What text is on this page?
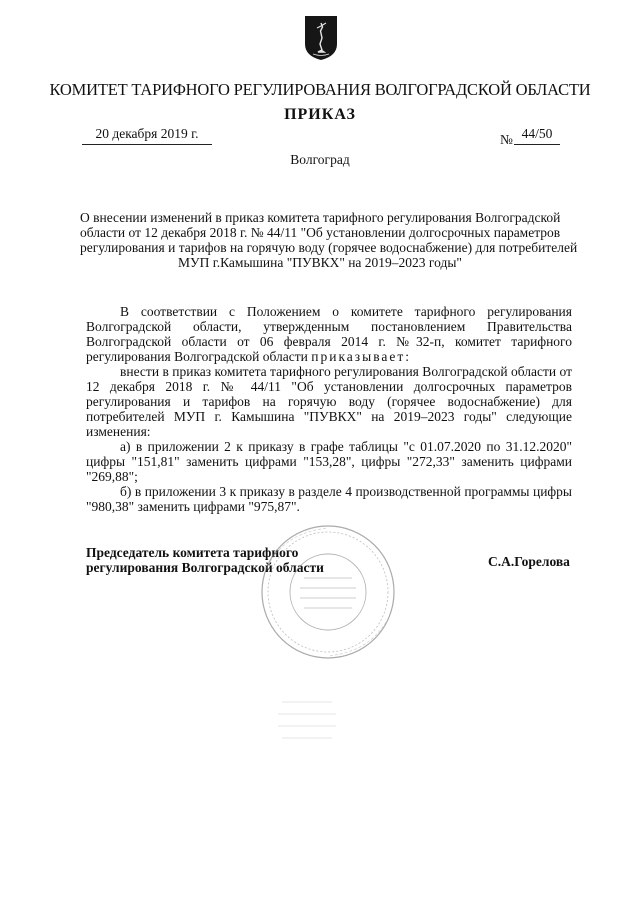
КОМИТЕТ ТАРИФНОГО РЕГУЛИРОВАНИЯ ВОЛГОГРАДСКОЙ ОБЛАСТИ
ПРИКАЗ
20 декабря 2019 г.	№ 44/50
Волгоград
О внесении изменений в приказ комитета тарифного регулирования Волгоградской
области от 12 декабря 2018 г. № 44/11 "Об установлении долгосрочных параметров
регулирования и тарифов на горячую воду (горячее водоснабжение) для потребителей
МУП г.Камышина "ПУВКХ" на 2019–2023 годы"

В соответствии с Положением о комитете тарифного регулирования Волгоградской области, утвержденным постановлением Правительства Волгоградской области от 06 февраля 2014 г. №32-п, комитет тарифного регулирования Волгоградской области приказывает:

внести в приказ комитета тарифного регулирования Волгоградской области от 12 декабря 2018 г. № 44/11 "Об установлении долгосрочных параметров регулирования и тарифов на горячую воду (горячее водоснабжение) для потребителей МУП г. Камышина "ПУВКХ" на 2019–2023 годы" следующие изменения:

а) в приложении 2 к приказу в графе таблицы "с 01.07.2020 по 31.12.2020" цифры "151,81" заменить цифрами "153,28", цифры "272,33" заменить цифрами "269,88";

б) в приложении 3 к приказу в разделе 4 производственной программы цифры "980,38" заменить цифрами "975,87".

Председатель комитета тарифного
регулирования Волгоградской области	С.А.Горелова
